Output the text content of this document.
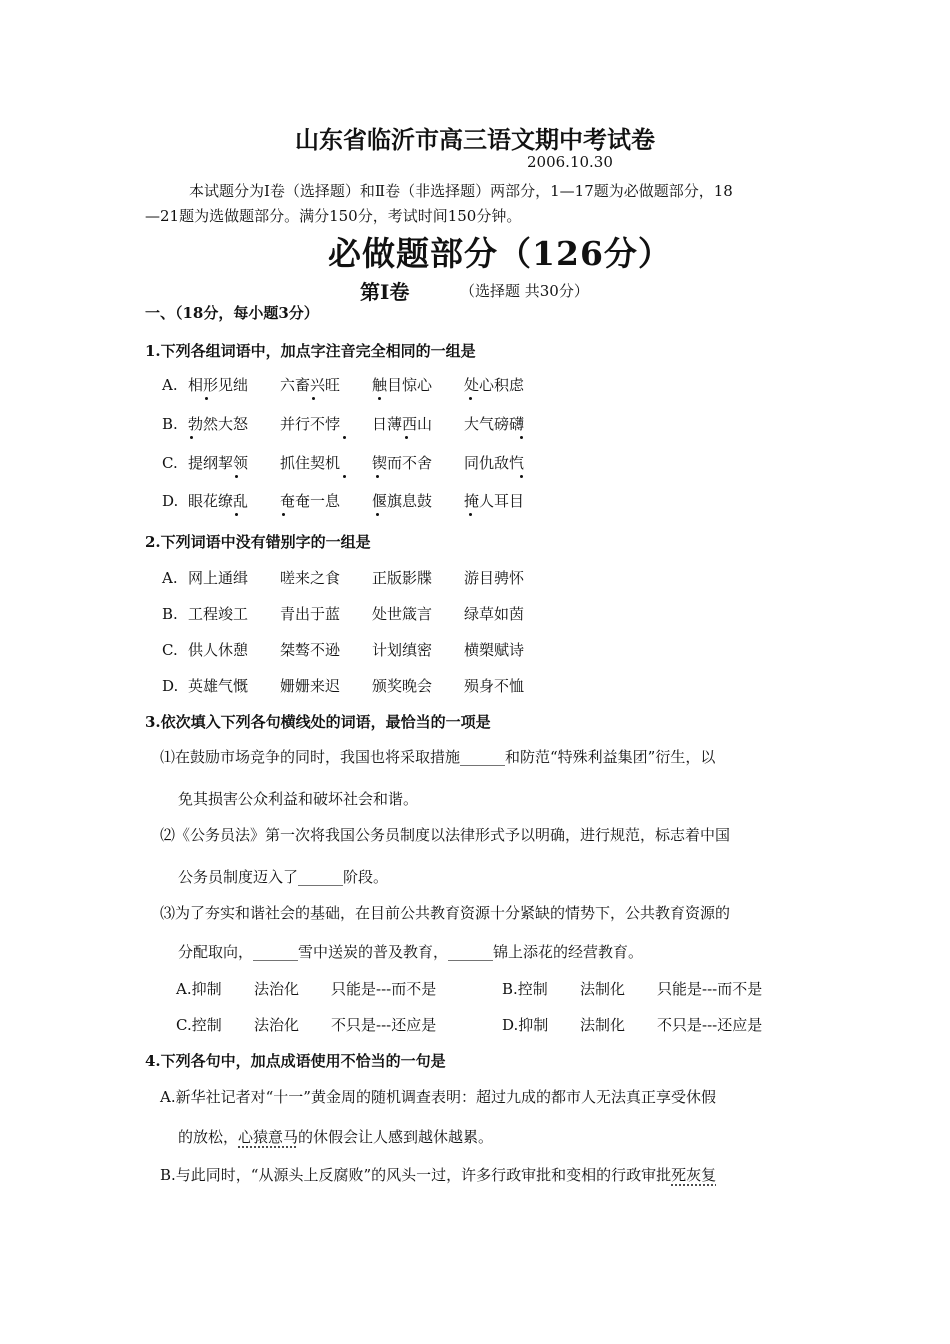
山东省临沂市高三语文期中考试卷
2006.10.30
本试题分为Ⅰ卷（选择题）和Ⅱ卷（非选择题）两部分，1—17题为必做题部分，18
—21题为选做题部分。满分150分，考试时间150分钟。
必做题部分（126分）
第Ⅰ卷	（选择题 共30分）
一、（18分，每小题3分）
1.下列各组词语中，加点字注音完全相同的一组是
A. 相形见绌 六畜兴旺 触目惊心 处心积虑
B. 勃然大怒 并行不悖 日薄西山 大气磅礴
C. 提纲挈领 抓住契机 锲而不舍 同仇敌忾
D. 眼花缭乱 奄奄一息 偃旗息鼓 掩人耳目
2.下列词语中没有错别字的一组是
A. 网上通缉 嗟来之食 正版影牒 游目骋怀
B. 工程竣工 青出于蓝 处世箴言 绿草如茵
C. 供人休憩 桀骜不逊 计划缜密 横槊赋诗
D. 英雄气慨 姗姗来迟 颁奖晚会 殒身不恤
3.依次填入下列各句横线处的词语，最恰当的一项是
⑴在鼓励市场竞争的同时，我国也将采取措施______和防范“特殊利益集团”衍生，以
免其损害公众利益和破坏社会和谐。
⑵《公务员法》第一次将我国公务员制度以法律形式予以明确，进行规范，标志着中国
公务员制度迈入了______阶段。
⑶为了夯实和谐社会的基础，在目前公共教育资源十分紧缺的情势下，公共教育资源的
分配取向，______雪中送炭的普及教育，______锦上添花的经营教育。
A.抑制 法治化 只能是---而不是	B.控制 法制化 只能是---而不是
C.控制 法治化 不只是---还应是	D.抑制 法制化 不只是---还应是
4.下列各句中，加点成语使用不恰当的一句是
A.新华社记者对“十一”黄金周的随机调查表明：超过九成的都市人无法真正享受休假
的放松，心猿意马的休假会让人感到越休越累。
B.与此同时，“从源头上反腐败”的风头一过，许多行政审批和变相的行政审批死灰复
